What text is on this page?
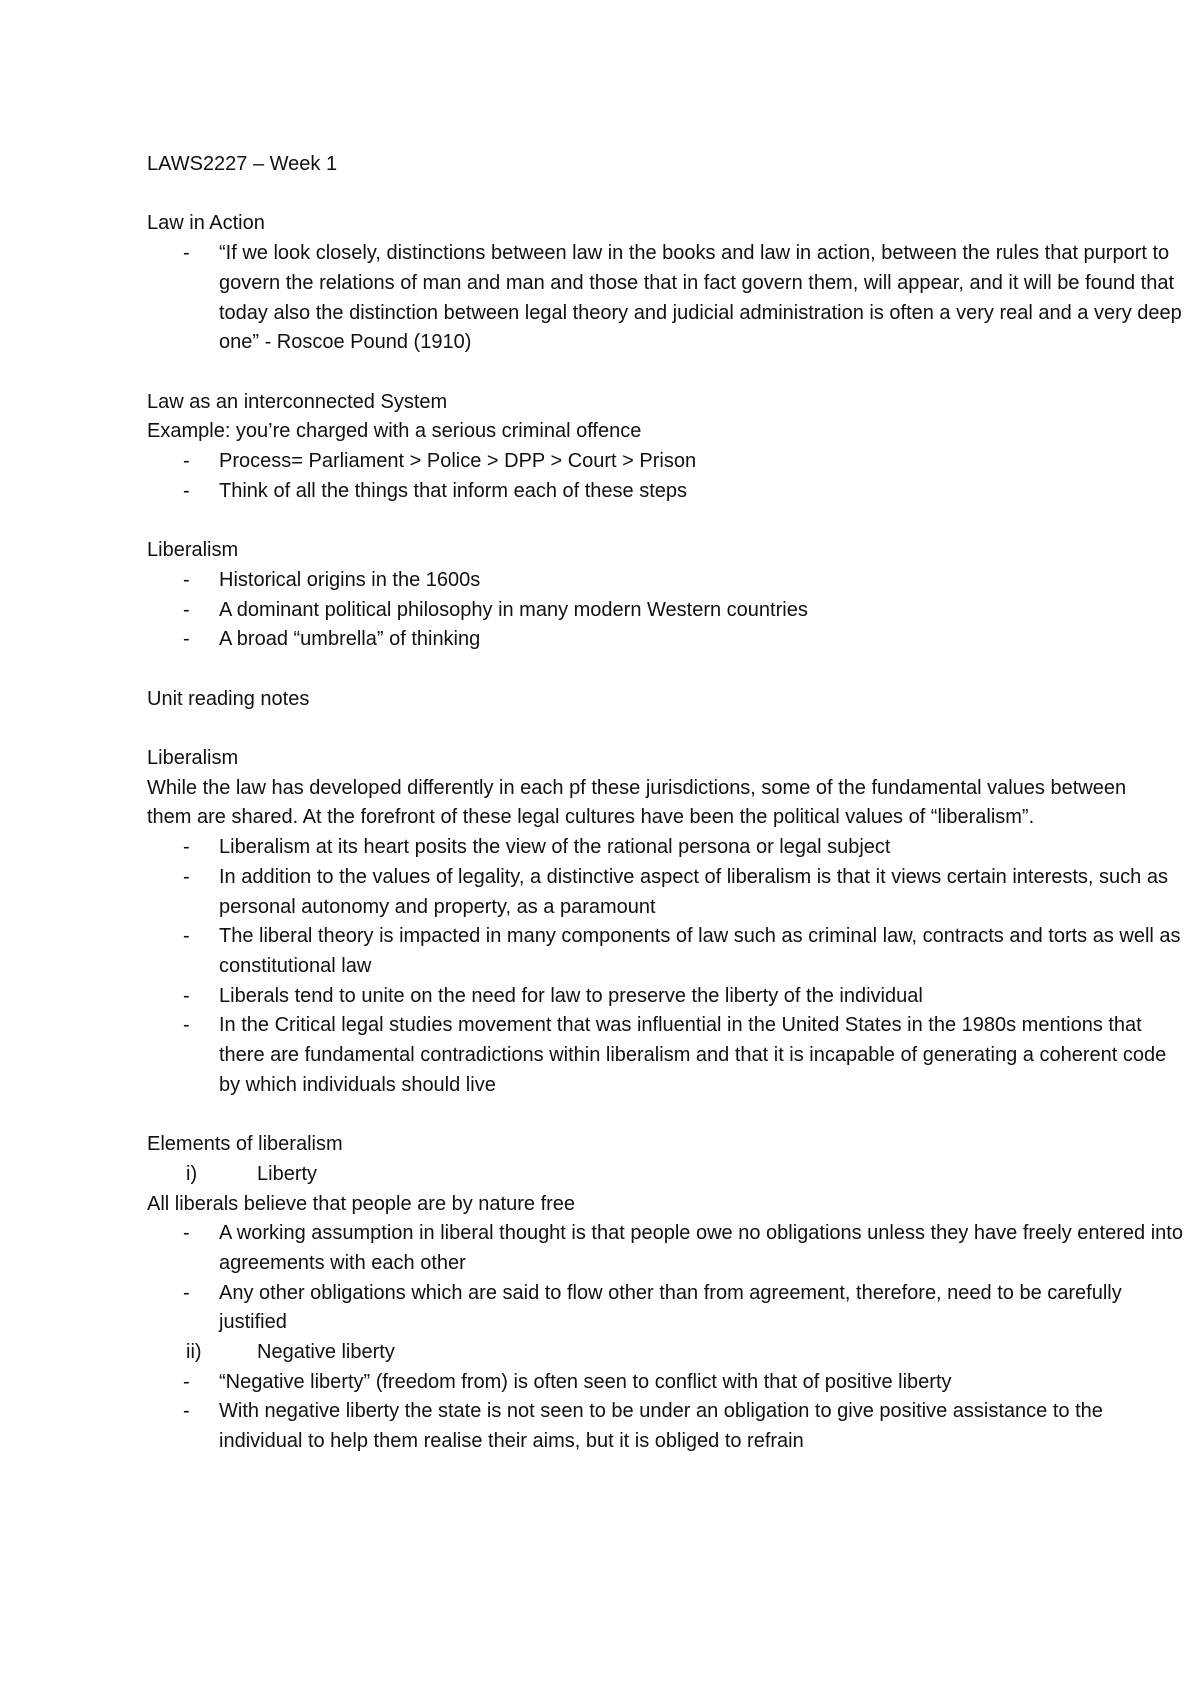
LAWS2227 – Week 1
Law in Action
- “If we look closely, distinctions between law in the books and law in action, between the rules that purport to govern the relations of man and man and those that in fact govern them, will appear, and it will be found that today also the distinction between legal theory and judicial administration is often a very real and a very deep one” - Roscoe Pound (1910)
Law as an interconnected System
Example: you’re charged with a serious criminal offence
- Process= Parliament > Police > DPP > Court > Prison
- Think of all the things that inform each of these steps
Liberalism
- Historical origins in the 1600s
- A dominant political philosophy in many modern Western countries
- A broad “umbrella” of thinking
Unit reading notes
Liberalism
While the law has developed differently in each pf these jurisdictions, some of the fundamental values between them are shared. At the forefront of these legal cultures have been the political values of “liberalism”.
- Liberalism at its heart posits the view of the rational persona or legal subject
- In addition to the values of legality, a distinctive aspect of liberalism is that it views certain interests, such as personal autonomy and property, as a paramount
- The liberal theory is impacted in many components of law such as criminal law, contracts and torts as well as constitutional law
- Liberals tend to unite on the need for law to preserve the liberty of the individual
- In the Critical legal studies movement that was influential in the United States in the 1980s mentions that there are fundamental contradictions within liberalism and that it is incapable of generating a coherent code by which individuals should live
Elements of liberalism
i)	Liberty
All liberals believe that people are by nature free
- A working assumption in liberal thought is that people owe no obligations unless they have freely entered into agreements with each other
- Any other obligations which are said to flow other than from agreement, therefore, need to be carefully justified
ii)	Negative liberty
- “Negative liberty” (freedom from) is often seen to conflict with that of positive liberty
- With negative liberty the state is not seen to be under an obligation to give positive assistance to the individual to help them realise their aims, but it is obliged to refrain
